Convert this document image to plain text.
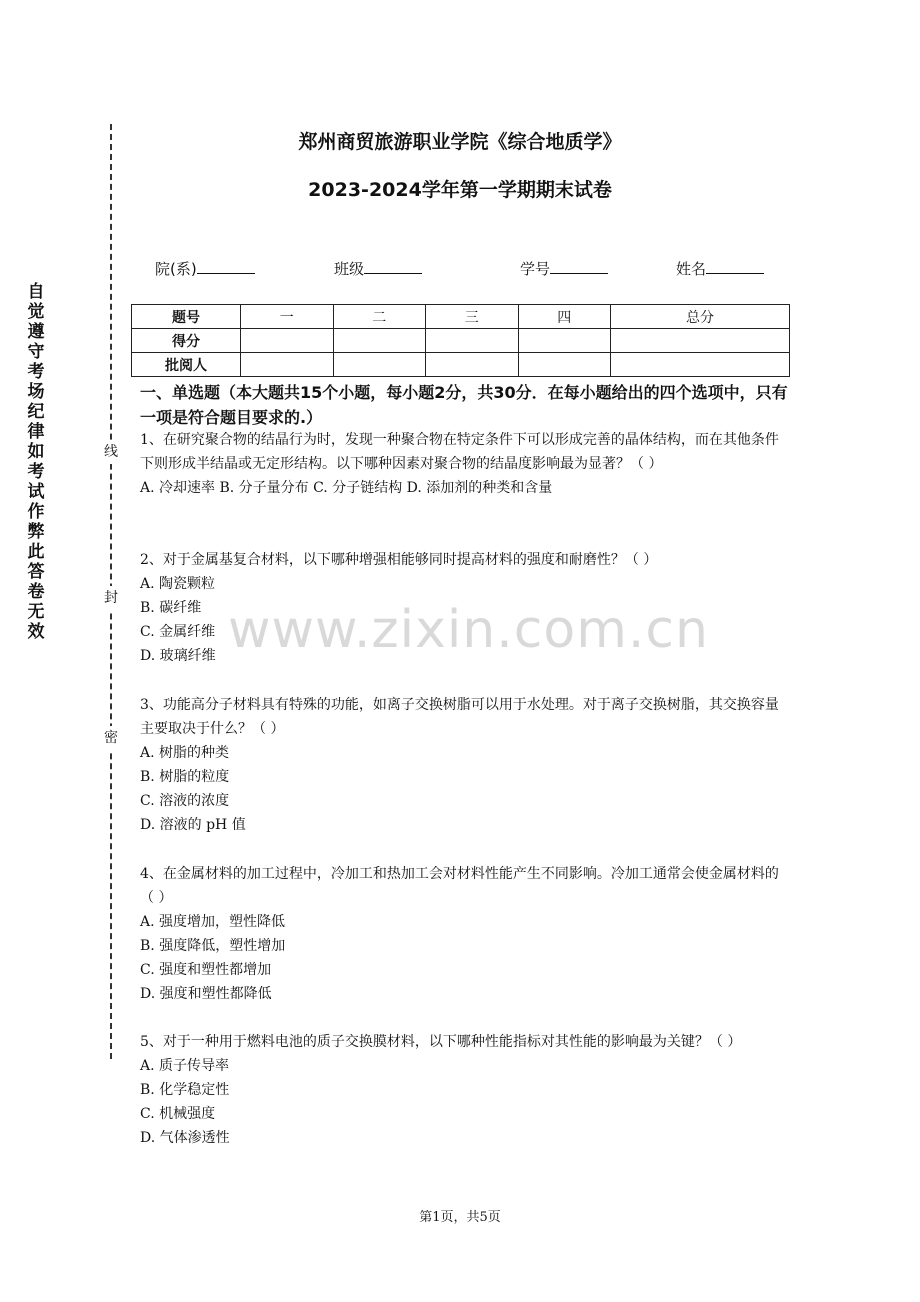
自觉遵守考场纪律如考试作弊此答卷无效
线
封
密
郑州商贸旅游职业学院《综合地质学》
2023-2024学年第一学期期末试卷
院(系)	班级	学号	姓名
题号	一	二	三	四	总分
得分					
批阅人					
一、单选题（本大题共15个小题，每小题2分，共30分．在每小题给出的四个选项中，只有一项是符合题目要求的.）

1、在研究聚合物的结晶行为时，发现一种聚合物在特定条件下可以形成完善的晶体结构，而在其他条件下则形成半结晶或无定形结构。以下哪种因素对聚合物的结晶度影响最为显著？（ ）

A. 冷却速率 B. 分子量分布 C. 分子链结构 D. 添加剂的种类和含量

2、对于金属基复合材料，以下哪种增强相能够同时提高材料的强度和耐磨性？（ ）

A. 陶瓷颗粒

B. 碳纤维

C. 金属纤维

D. 玻璃纤维

3、功能高分子材料具有特殊的功能，如离子交换树脂可以用于水处理。对于离子交换树脂，其交换容量主要取决于什么？（ ）

A. 树脂的种类

B. 树脂的粒度

C. 溶液的浓度

D. 溶液的 pH 值

4、在金属材料的加工过程中，冷加工和热加工会对材料性能产生不同影响。冷加工通常会使金属材料的（ ）

A. 强度增加，塑性降低

B. 强度降低，塑性增加

C. 强度和塑性都增加

D. 强度和塑性都降低

5、对于一种用于燃料电池的质子交换膜材料，以下哪种性能指标对其性能的影响最为关键？（ ）

A. 质子传导率

B. 化学稳定性

C. 机械强度

D. 气体渗透性

www.zixin.com.cn
第1页，共5页
